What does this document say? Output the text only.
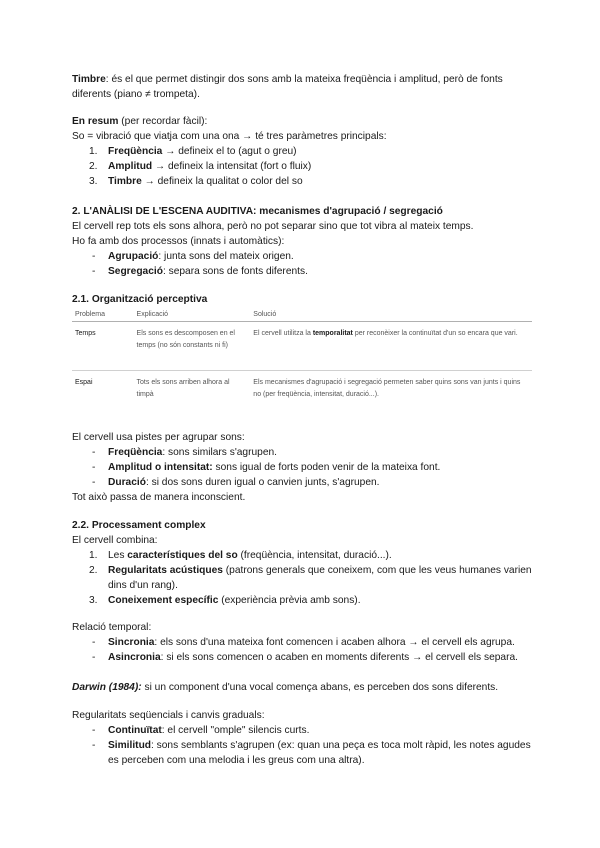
Timbre: és el que permet distingir dos sons amb la mateixa freqüència i amplitud, però de fonts diferents (piano ≠ trompeta).

En resum (per recordar fàcil):

So = vibració que viatja com una ona → té tres paràmetres principals:

1. Freqüència → defineix el to (agut o greu)
2. Amplitud → defineix la intensitat (fort o fluix)
3. Timbre → defineix la qualitat o color del so

2. L'ANÀLISI DE L'ESCENA AUDITIVA: mecanismes d'agrupació / segregació

El cervell rep tots els sons alhora, però no pot separar sino que tot vibra al mateix temps.

Ho fa amb dos processos (innats i automàtics):

- Agrupació: junta sons del mateix origen.
- Segregació: separa sons de fonts diferents.

2.1. Organització perceptiva

Problema	Explicació	Solució
Temps	Els sons es descomposen en el temps (no són constants ni fi)	El cervell utilitza la temporalitat per reconèixer la continuïtat d'un so encara que vari.
Espai	Tots els sons arriben alhora al timpà	Els mecanismes d'agrupació i segregació permeten saber quins sons van junts i quins no (per freqüència, intensitat, duració...).

El cervell usa pistes per agrupar sons:

- Freqüència: sons similars s'agrupen.
- Amplitud o intensitat: sons igual de forts poden venir de la mateixa font.
- Duració: si dos sons duren igual o canvien junts, s'agrupen.

Tot això passa de manera inconscient.

2.2. Processament complex

El cervell combina:

1. Les característiques del so (freqüència, intensitat, duració...).
2. Regularitats acústiques (patrons generals que coneixem, com que les veus humanes varien dins d'un rang).
3. Coneixement específic (experiència prèvia amb sons).

Relació temporal:

- Sincronia: els sons d'una mateixa font comencen i acaben alhora → el cervell els agrupa.
- Asincronia: si els sons comencen o acaben en moments diferents → el cervell els separa.

Darwin (1984): si un component d'una vocal comença abans, es perceben dos sons diferents.

Regularitats seqüencials i canvis graduals:

- Continuïtat: el cervell "omple" silencis curts.
- Similitud: sons semblants s'agrupen (ex: quan una peça es toca molt ràpid, les notes agudes es perceben com una melodia i les greus com una altra).
